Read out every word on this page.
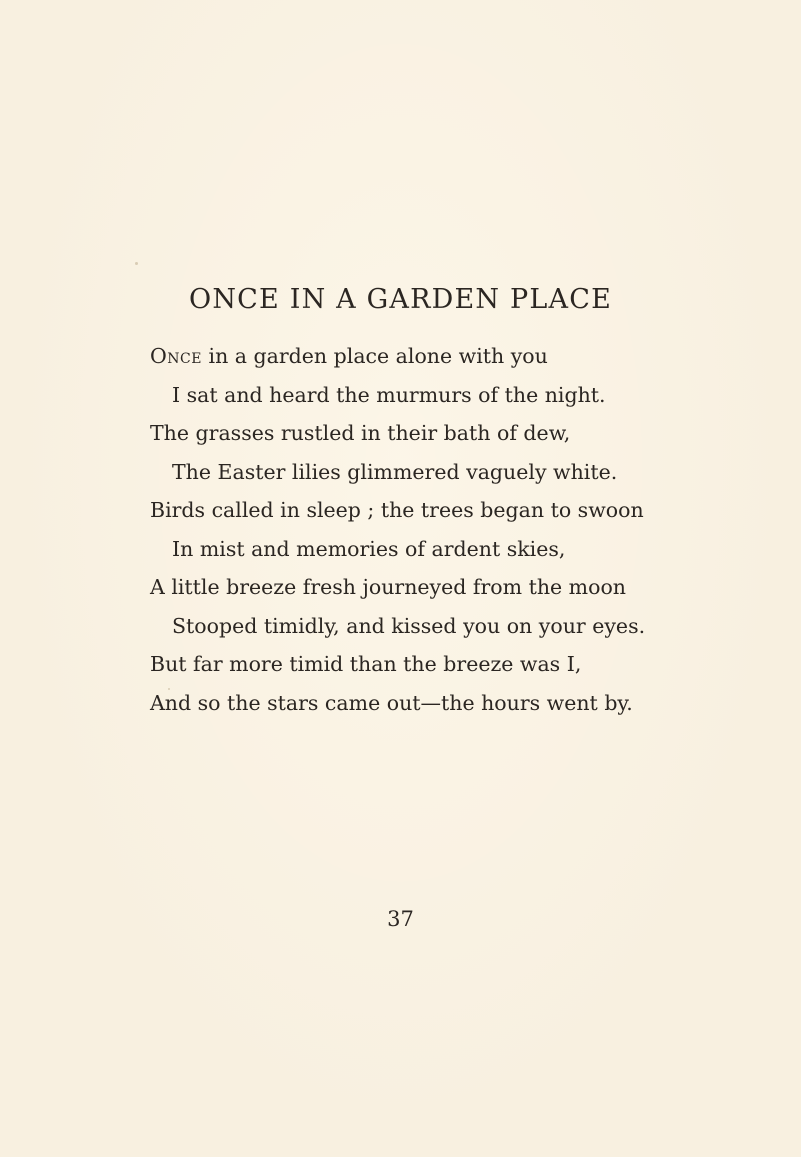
ONCE IN A GARDEN PLACE
Once in a garden place alone with you
I sat and heard the murmurs of the night.
The grasses rustled in their bath of dew,
The Easter lilies glimmered vaguely white.
Birds called in sleep ; the trees began to swoon
In mist and memories of ardent skies,
A little breeze fresh journeyed from the moon
Stooped timidly, and kissed you on your eyes.
But far more timid than the breeze was I,
And so the stars came out—the hours went by.
37
